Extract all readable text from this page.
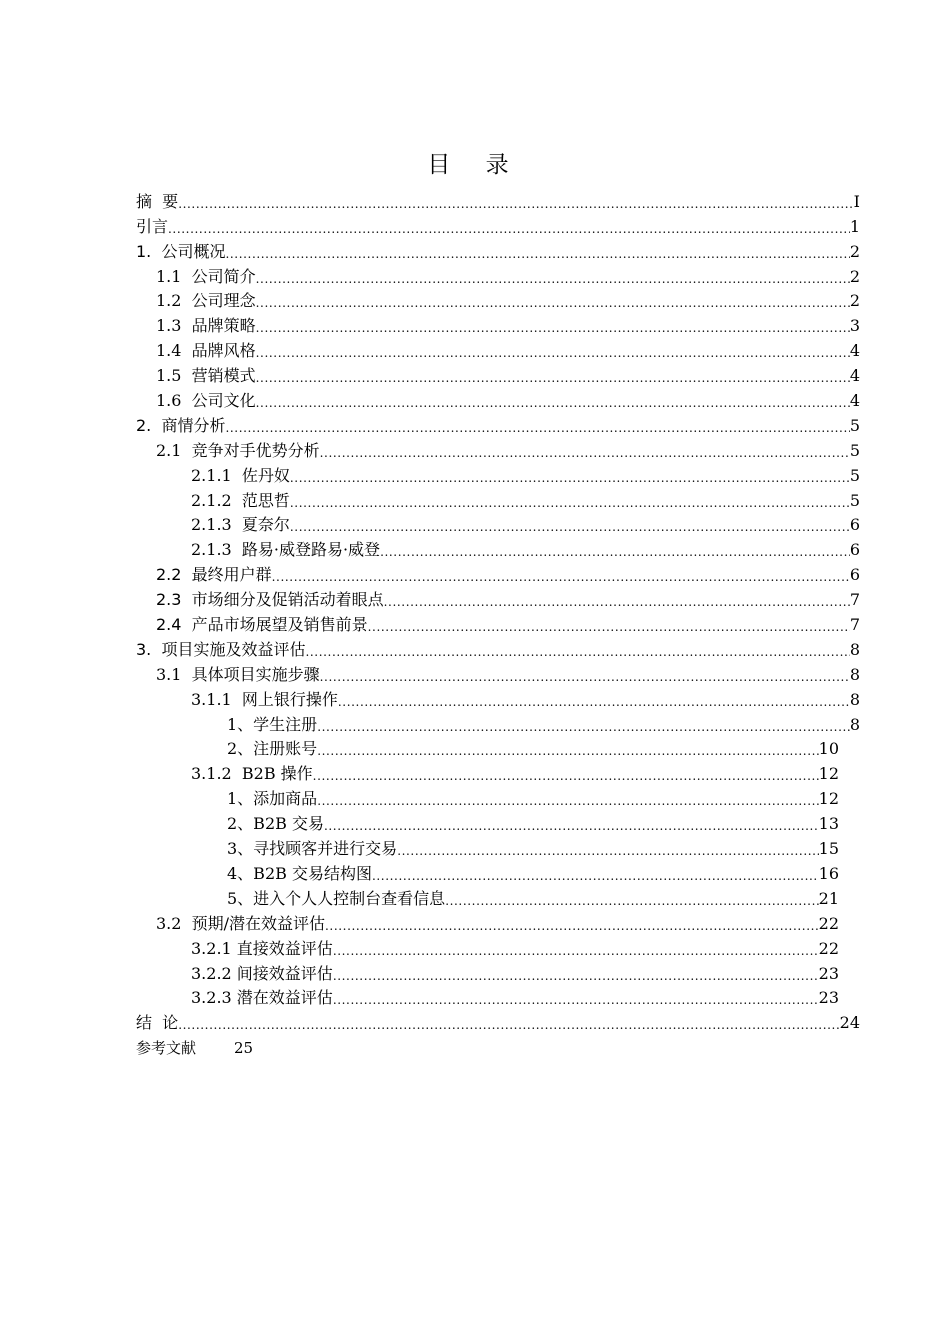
目 录
摘  要 .....	I
引言 .....	1
1.  公司概况 .....	2
1.1  公司简介 .....	2
1.2  公司理念 .....	2
1.3  品牌策略 .....	3
1.4  品牌风格 .....	4
1.5  营销模式 .....	4
1.6  公司文化 .....	4
2.  商情分析 .....	5
2.1  竞争对手优势分析 .....	5
2.1.1  佐丹奴 .....	5
2.1.2  范思哲 .....	5
2.1.3  夏奈尔 .....	6
2.1.3  路易·威登路易·威登 .....	6
2.2  最终用户群 .....	6
2.3  市场细分及促销活动着眼点 .....	7
2.4  产品市场展望及销售前景 .....	7
3.  项目实施及效益评估 .....	8
3.1  具体项目实施步骤 .....	8
3.1.1  网上银行操作 .....	8
1、学生注册 .....	8
2、注册账号 .....	10
3.1.2  B2B 操作 .....	12
1、添加商品 .....	12
2、B2B 交易 .....	13
3、寻找顾客并进行交易 .....	15
4、B2B 交易结构图 .....	16
5、进入个人人控制台查看信息 .....	21
3.2  预期/潜在效益评估 .....	22
3.2.1 直接效益评估 .....	22
3.2.2 间接效益评估 .....	23
3.2.3 潜在效益评估 .....	23
结  论 .....	24
参考文献	25
